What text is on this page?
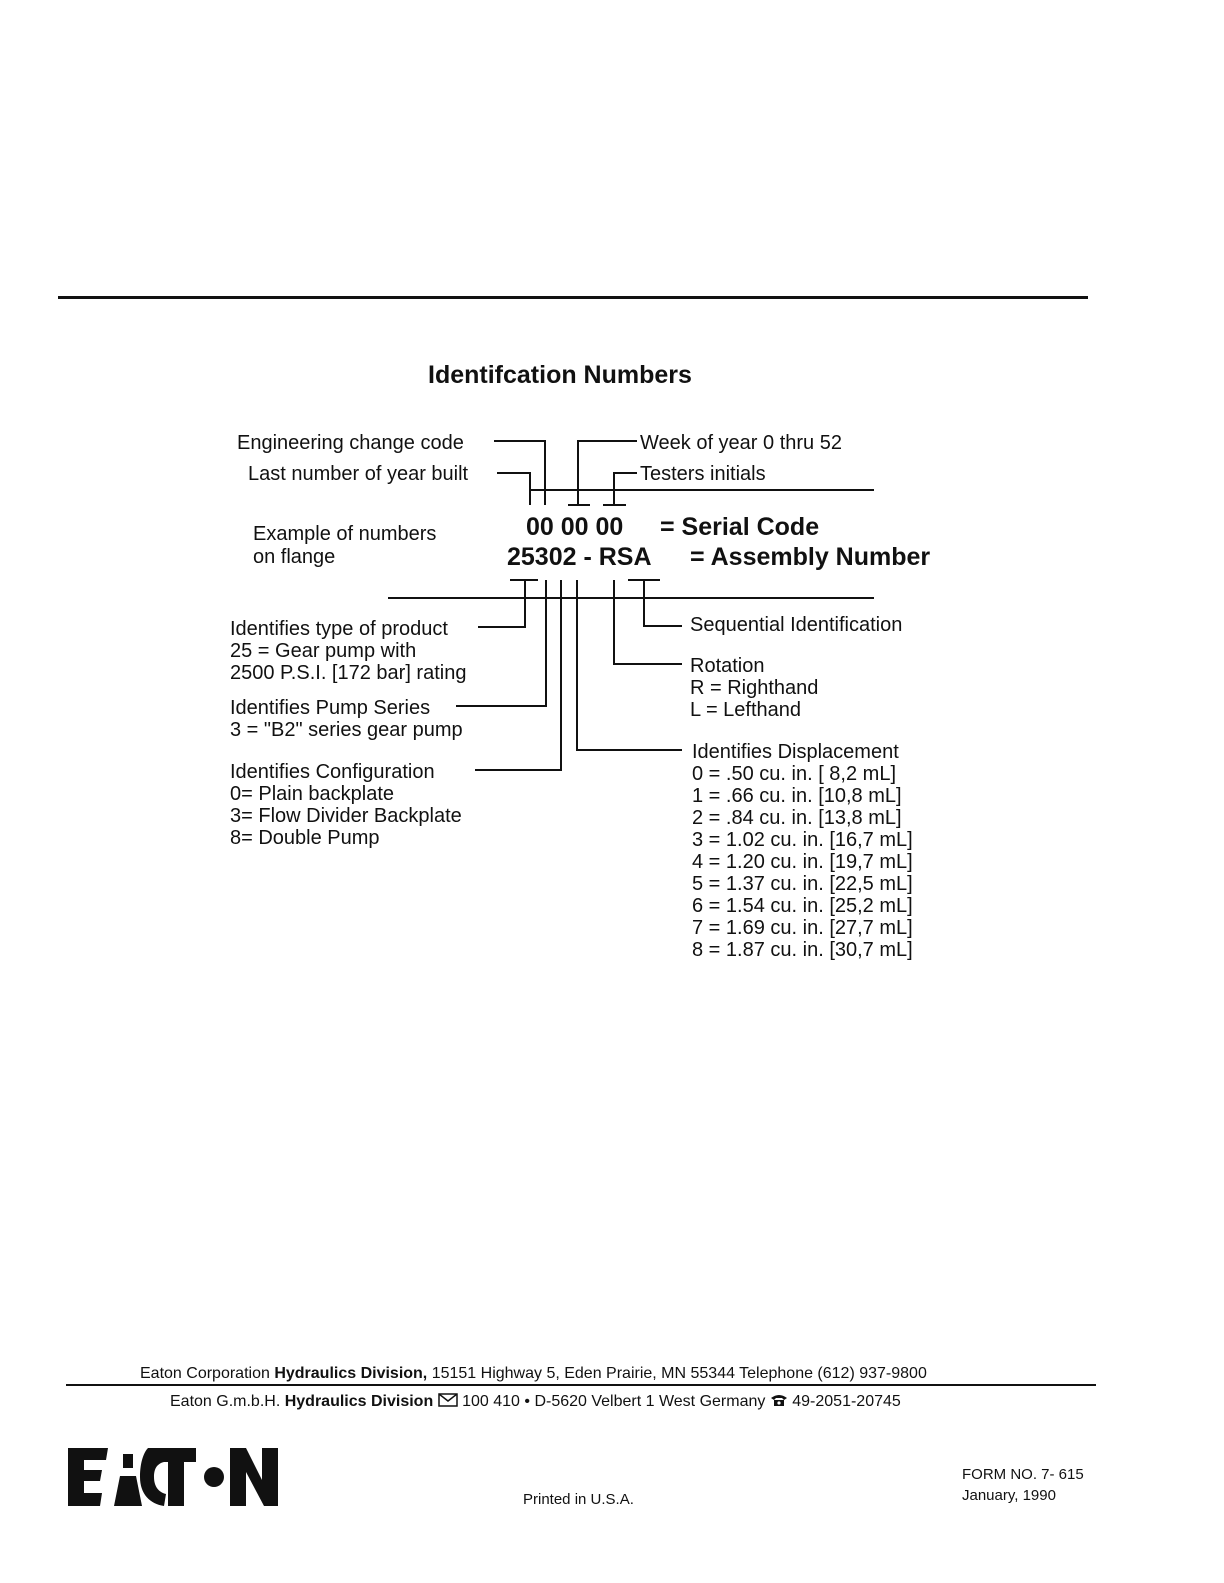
Identifcation Numbers
Engineering change code
Last number of year built
Week of year 0 thru 52
Testers initials
Example of numbers
on flange
00 00 00 = Serial Code
25302 - RSA = Assembly Number
Identifies type of product
25 = Gear pump with
2500 P.S.I. [172 bar] rating
Identifies Pump Series
3 = "B2" series gear pump
Identifies Configuration
0= Plain backplate
3= Flow Divider Backplate
8= Double Pump
Sequential Identification
Rotation
R = Righthand
L = Lefthand
Identifies Displacement
0 = .50 cu. in. [ 8,2 mL]
1 = .66 cu. in. [10,8 mL]
2 = .84 cu. in. [13,8 mL]
3 = 1.02 cu. in. [16,7 mL]
4 = 1.20 cu. in. [19,7 mL]
5 = 1.37 cu. in. [22,5 mL]
6 = 1.54 cu. in. [25,2 mL]
7 = 1.69 cu. in. [27,7 mL]
8 = 1.87 cu. in. [30,7 mL]
Eaton Corporation Hydraulics Division, 15151 Highway 5, Eden Prairie, MN 55344 Telephone (612) 937-9800
Eaton G.m.b.H. Hydraulics Division  100 410 • D-5620 Velbert 1 West Germany  49-2051-20745
Printed in U.S.A.
FORM NO. 7- 615
January, 1990
